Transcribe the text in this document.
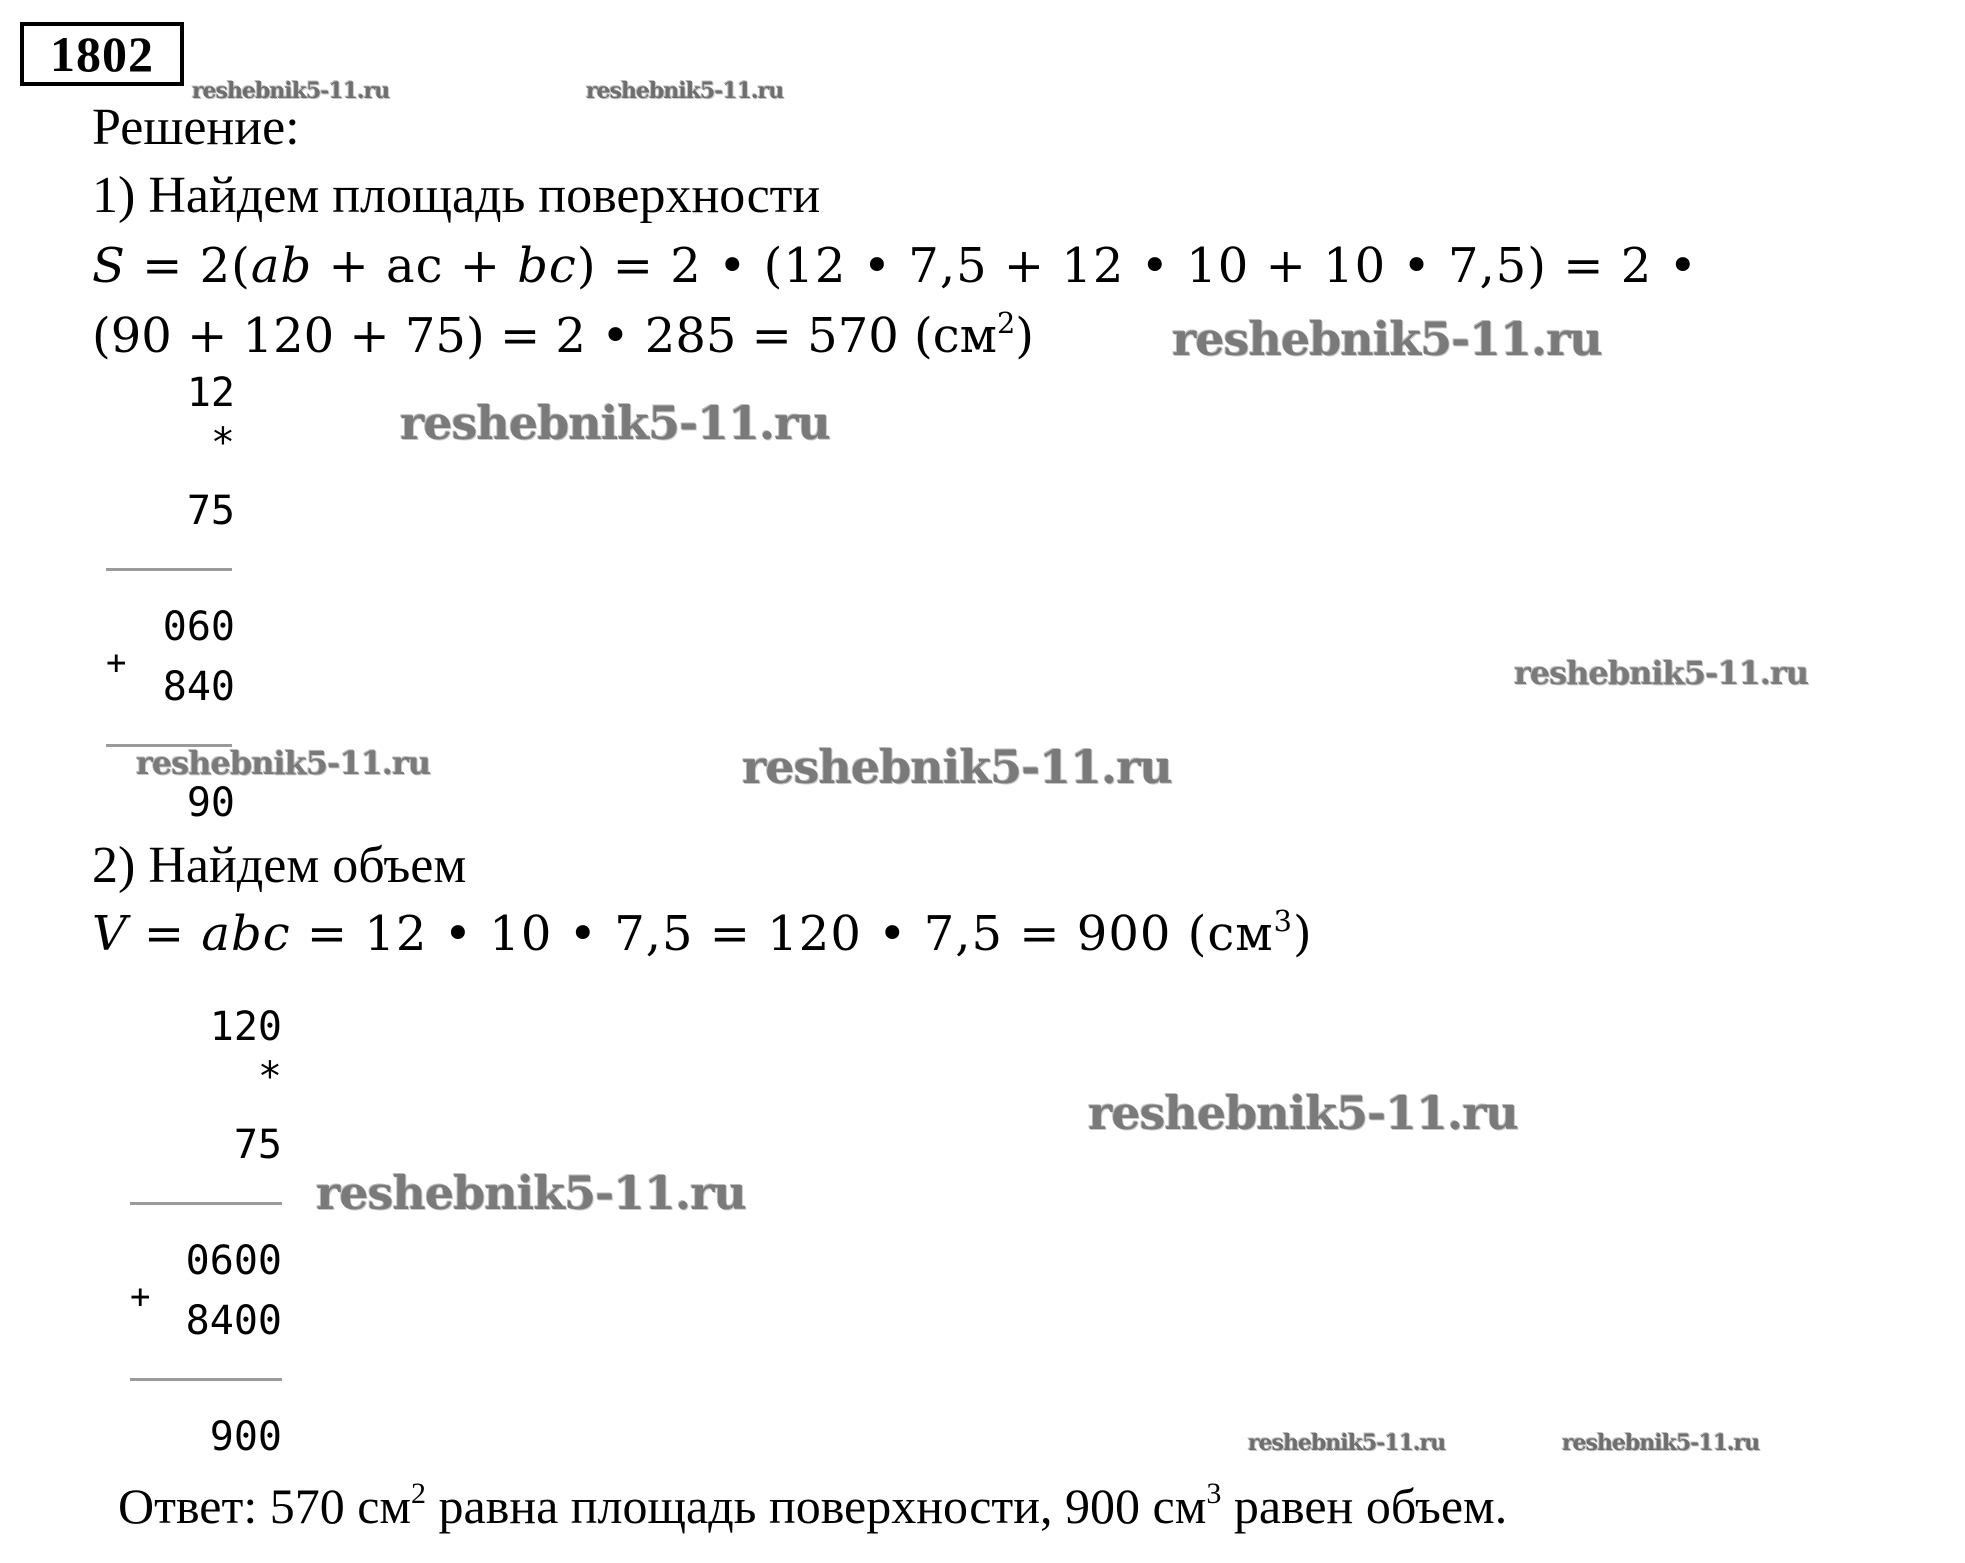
1802
Решение:
1) Найдем площадь поверхности
S = 2(ab + ac + bc) = 2 • (12 • 7,5 + 12 • 10 + 10 • 7,5) = 2 •
(90 + 120 + 75) = 2 • 285 = 570 $(см^2)$
12
*
75
060
+
840
90
2) Найдем объем
V = abc = 12 • 10 • 7,5 = 120 • 7,5 = 900 $(см^3)$
120
*
75
0600
+
8400
900
Ответ: 570 $см^2$ равна площадь поверхности, 900 $см^3$ равен объем.
reshebnik5-11.ru	reshebnik5-11.ru
reshebnik5-11.ru
reshebnik5-11.ru
reshebnik5-11.ru
reshebnik5-11.ru	reshebnik5-11.ru
reshebnik5-11.ru
reshebnik5-11.ru
reshebnik5-11.ru	reshebnik5-11.ru
